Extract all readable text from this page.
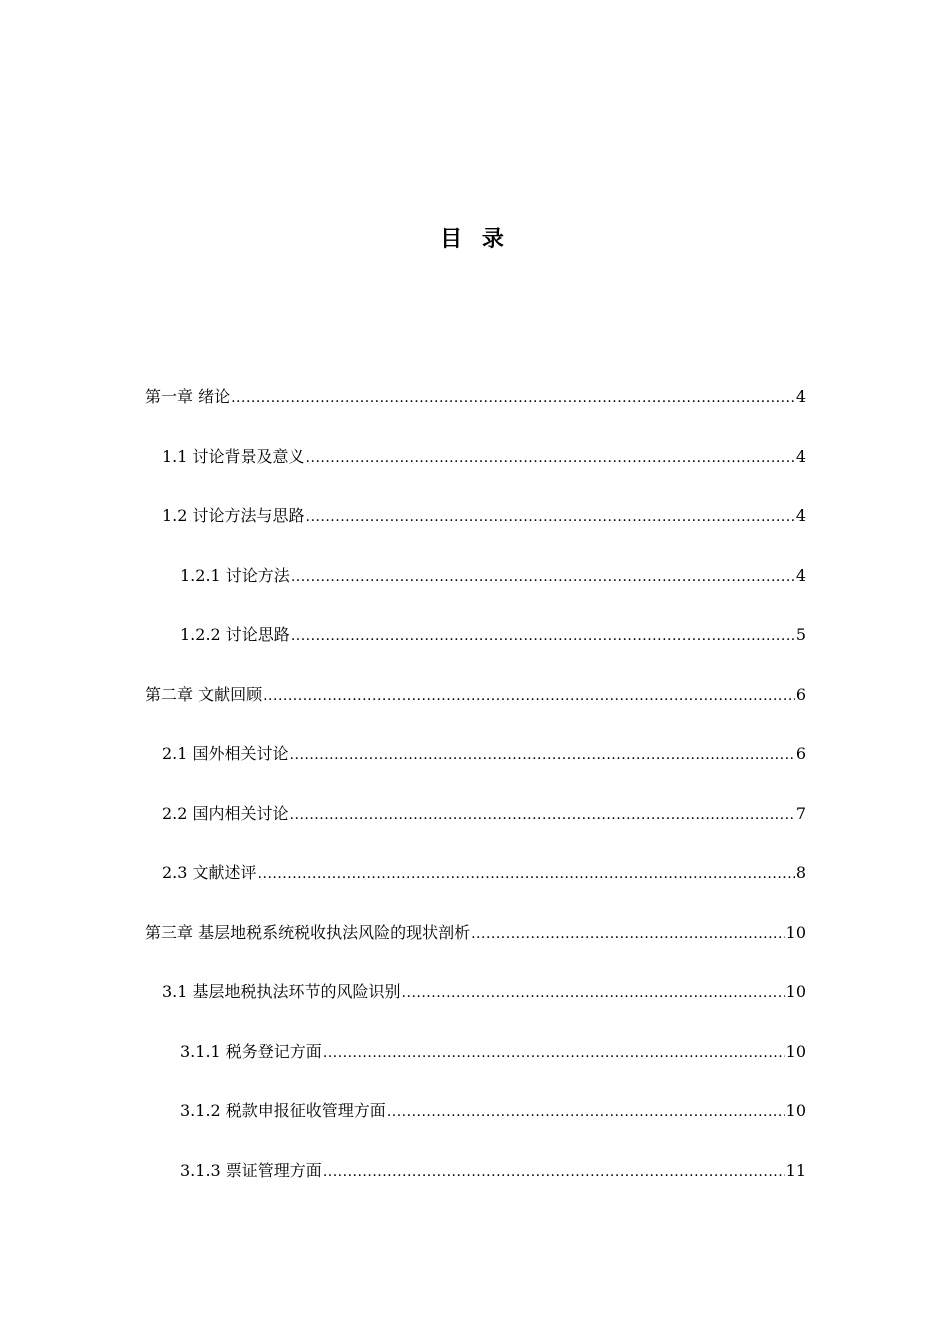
目 录
第一章 绪论 .....	4
1.1 讨论背景及意义 .....	4
1.2 讨论方法与思路 .....	4
1.2.1 讨论方法 .....	4
1.2.2 讨论思路 .....	5
第二章 文献回顾 .....	6
2.1 国外相关讨论 .....	6
2.2 国内相关讨论 .....	7
2.3 文献述评 .....	8
第三章 基层地税系统税收执法风险的现状剖析 .....	10
3.1 基层地税执法环节的风险识别 .....	10
3.1.1 税务登记方面 .....	10
3.1.2 税款申报征收管理方面 .....	10
3.1.3 票证管理方面 .....	11
